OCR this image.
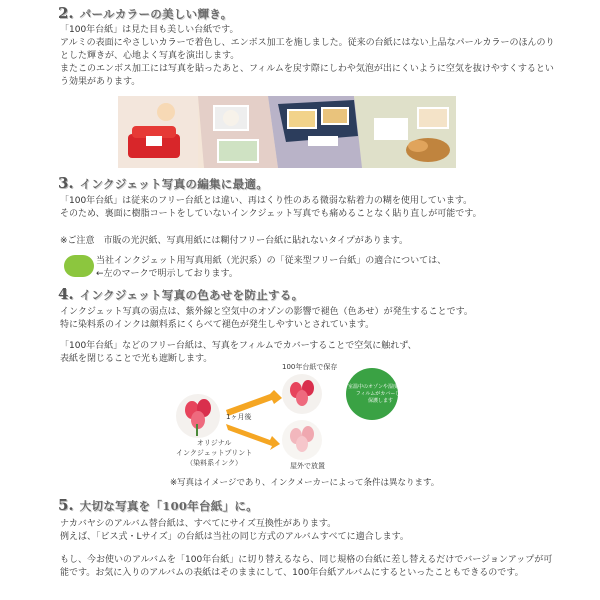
2. パールカラーの美しい輝き。
「100年台紙」は見た目も美しい台紙です。
アルミの表面にやさしいカラーで着色し、エンボス加工を施しました。従来の台紙にはない上品なパールカラーのほんのり
とした輝きが、心地よく写真を演出します。
またこのエンボス加工には写真を貼ったあと、フィルムを戻す際にしわや気泡が出にくいように空気を抜けやすくするとい
う効果があります。
3. インクジェット写真の編集に最適。
「100年台紙」は従来のフリー台紙とは違い、再はくり性のある微弱な粘着力の糊を使用しています。
そのため、裏面に樹脂コートをしていないインクジェット写真でも痛めることなく貼り直しが可能です。
※ご注意　市販の光沢紙、写真用紙には糊付フリー台紙に貼れないタイプがあります。
当社インクジェット用写真用紙（光沢系）の「従来型フリー台紙」の適合については、
←左のマークで明示しております。
4. インクジェット写真の色あせを防止する。
インクジェット写真の弱点は、紫外線と空気中のオゾンの影響で褪色（色あせ）が発生することです。
特に染料系のインクは顔料系にくらべて褪色が発生しやすいとされています。
「100年台紙」などのフリー台紙は、写真をフィルムでカバーすることで空気に触れず、
表紙を閉じることで光も遮断します。
オリジナル
インクジェットプリント
（染料系インク）
1ヶ月後
100年台紙で保存
屋外で放置
室温中のオゾンや湿度を遮断
フィルムがカバーして
保護します
※写真はイメージであり、インクメーカーによって条件は異なります。
5. 大切な写真を「100年台紙」に。
ナカバヤシのアルバム替台紙は、すべてにサイズ互換性があります。
例えば、「ビス式・Lサイズ」の台紙は当社の同じ方式のアルバムすべてに適合します。
もし、今お使いのアルバムを「100年台紙」に切り替えるなら、同じ規格の台紙に差し替えるだけでバージョンアップが可
能です。お気に入りのアルバムの表紙はそのままにして、100年台紙アルバムにするといったこともできるのです。
